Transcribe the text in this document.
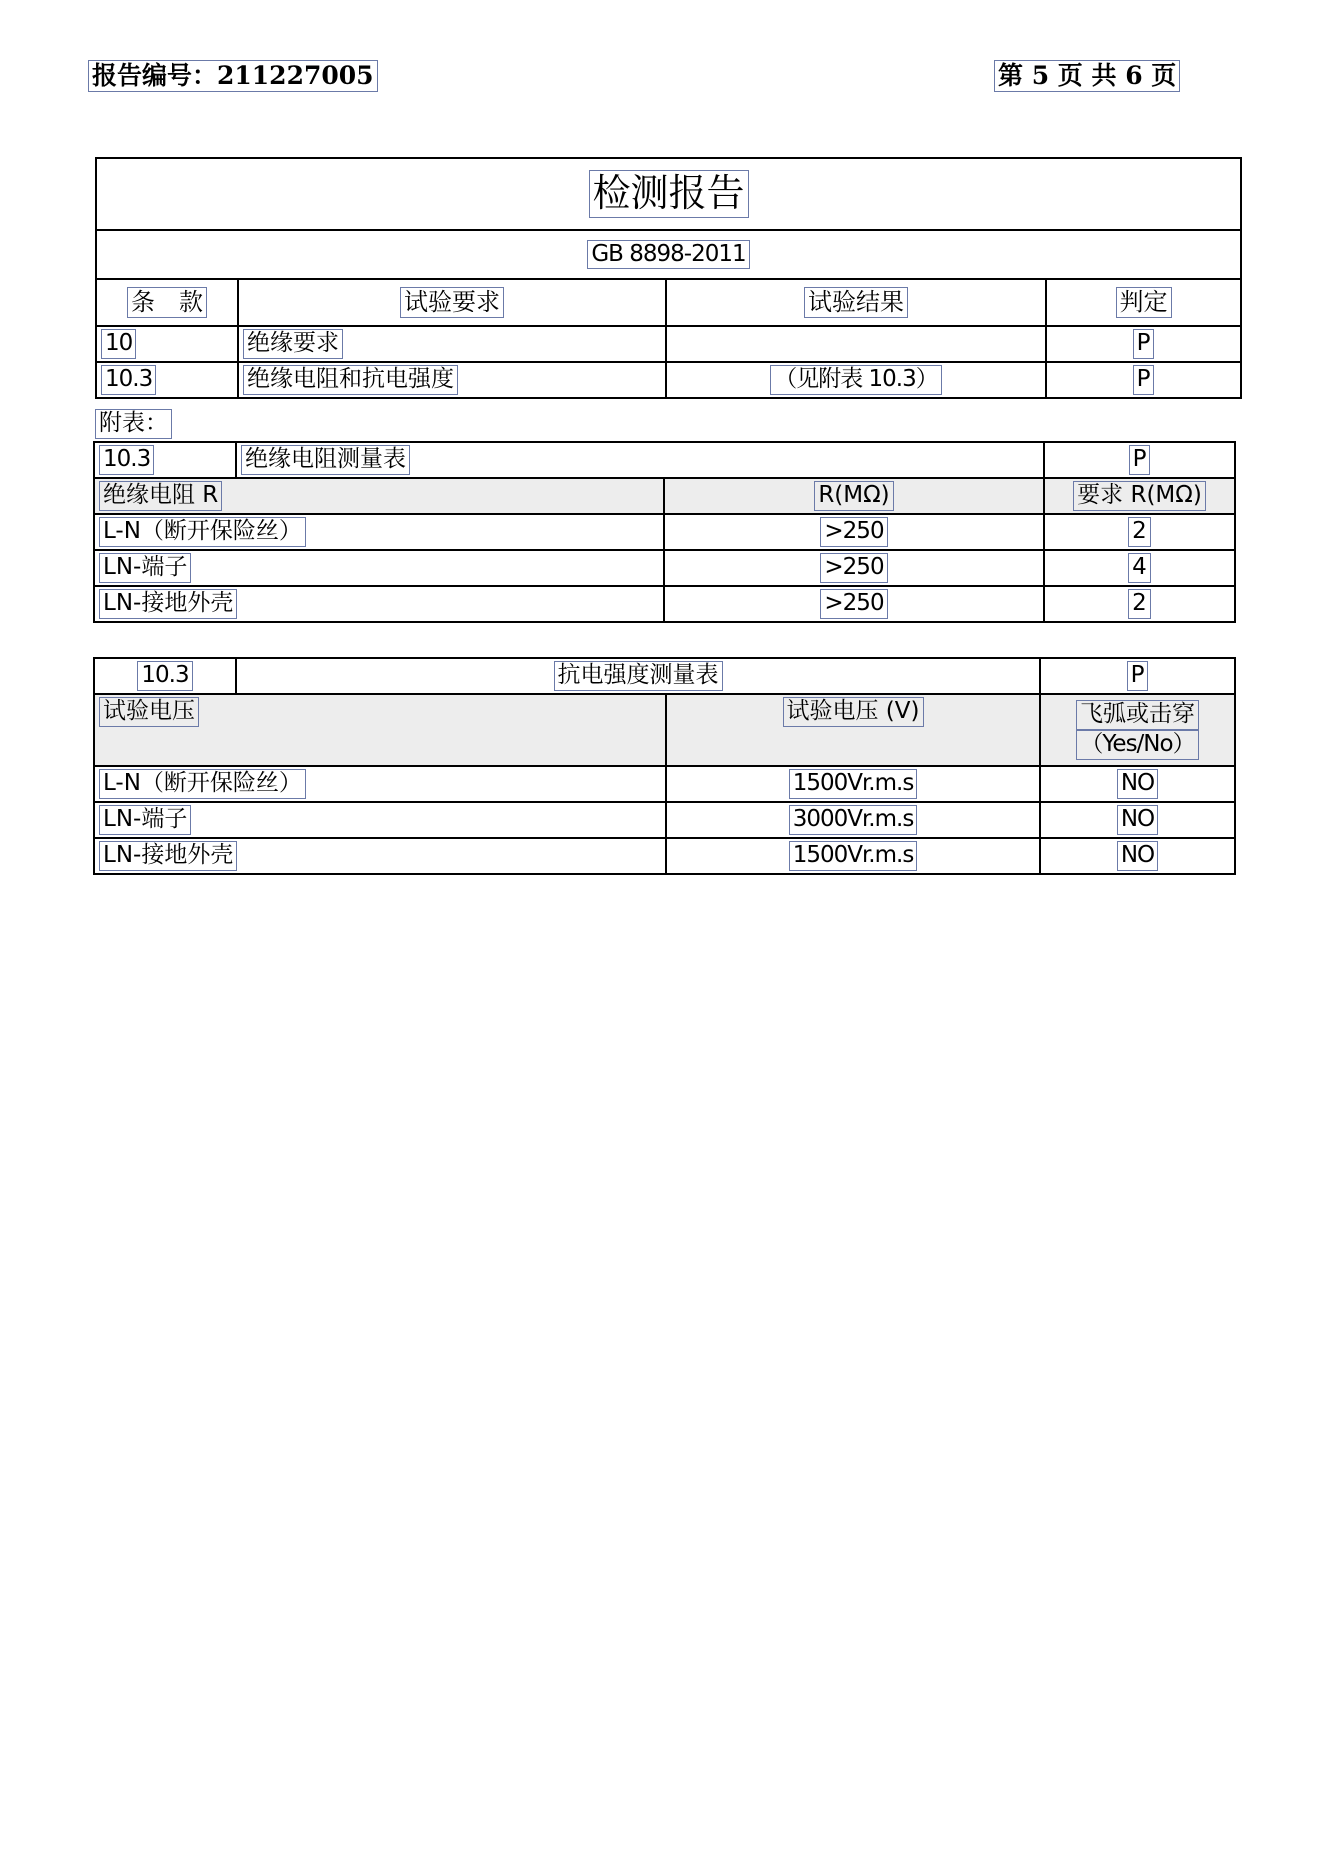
报告编号：211227005	第 5 页 共 6 页
检测报告			
GB 8898-2011			
条　款	试验要求	试验结果	判定
10	绝缘要求		P
10.3	绝缘电阻和抗电强度	（见附表 10.3）	P
附表：
10.3	绝缘电阻测量表		P
绝缘电阻 R		R(MΩ)	要求 R(MΩ)
L-N（断开保险丝）		>250	2
LN-端子		>250	4
LN-接地外壳		>250	2
10.3	抗电强度测量表		P
试验电压		试验电压 (V)	飞弧或击穿
（Yes/No）
L-N（断开保险丝）		1500Vr.m.s	NO
LN-端子		3000Vr.m.s	NO
LN-接地外壳		1500Vr.m.s	NO
